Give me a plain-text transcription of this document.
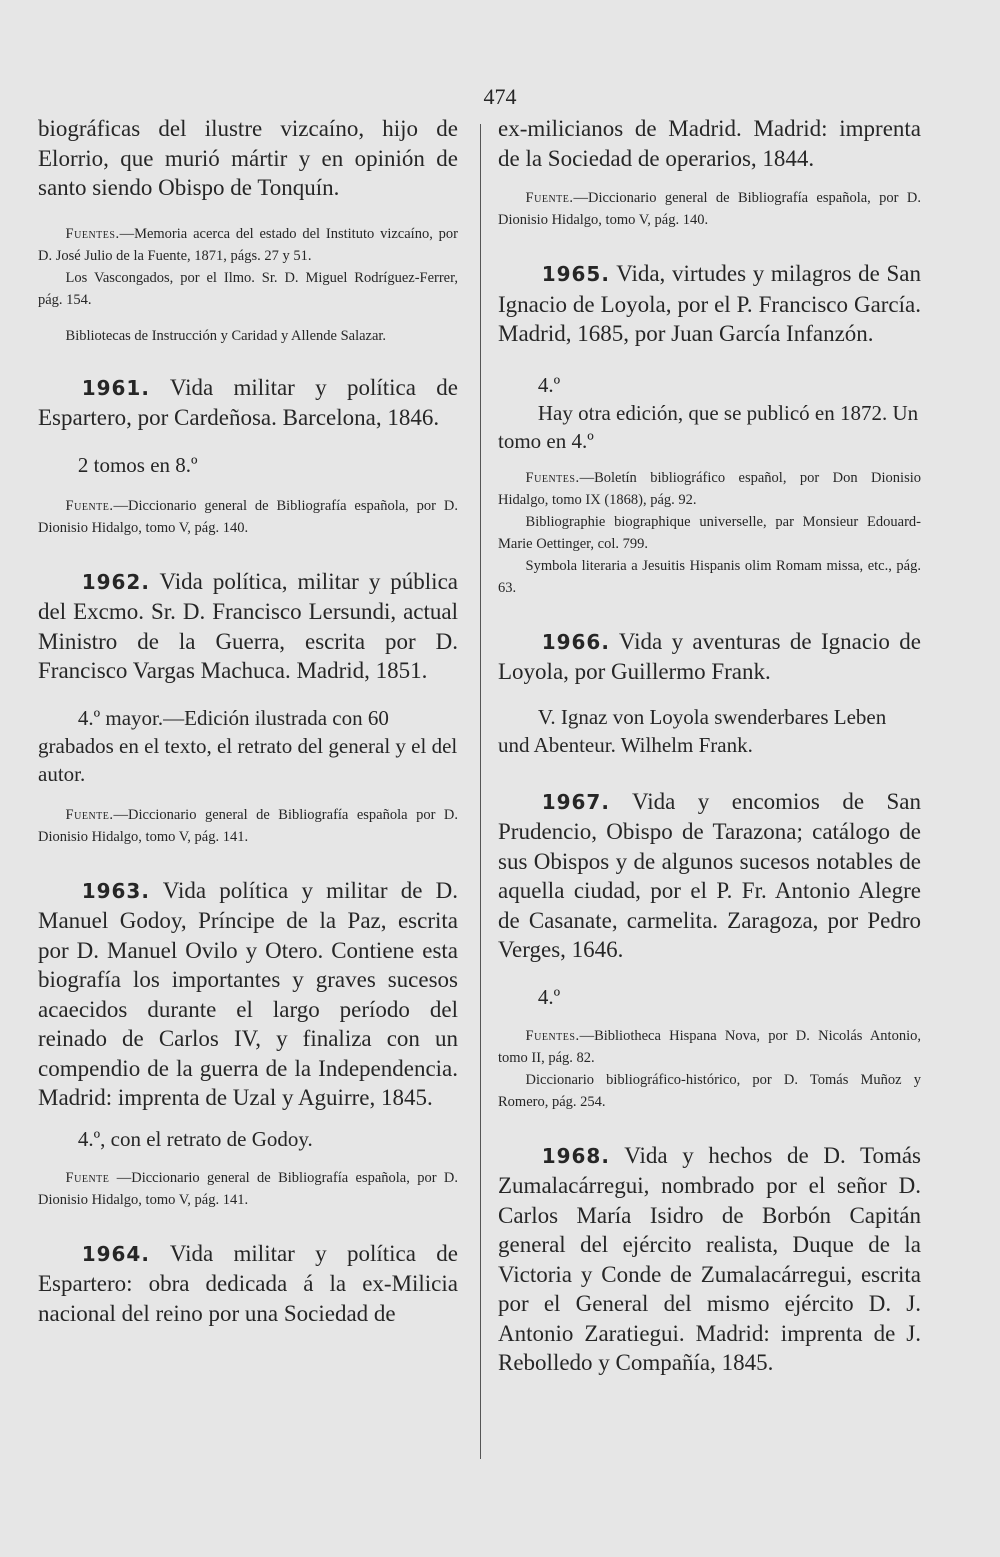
474

biográficas del ilustre vizcaíno, hijo de Elorrio, que murió mártir y en opinión de santo siendo Obispo de Tonquín.

Fuentes.—Memoria acerca del estado del Instituto vizcaíno, por D. José Julio de la Fuente, 1871, págs. 27 y 51.

Los Vascongados, por el Ilmo. Sr. D. Miguel Rodríguez-Ferrer, pág. 154.

Bibliotecas de Instrucción y Caridad y Allende Salazar.

1961. Vida militar y política de Espartero, por Cardeñosa. Barcelona, 1846.

2 tomos en 8.º

Fuente.—Diccionario general de Bibliografía española, por D. Dionisio Hidalgo, tomo V, pág. 140.

1962. Vida política, militar y pública del Excmo. Sr. D. Francisco Lersundi, actual Ministro de la Guerra, escrita por D. Francisco Vargas Machuca. Madrid, 1851.

4.º mayor.—Edición ilustrada con 60 grabados en el texto, el retrato del general y el del autor.

Fuente.—Diccionario general de Bibliografía española por D. Dionisio Hidalgo, tomo V, pág. 141.

1963. Vida política y militar de D. Manuel Godoy, Príncipe de la Paz, escrita por D. Manuel Ovilo y Otero. Contiene esta biografía los importantes y graves sucesos acaecidos durante el largo período del reinado de Carlos IV, y finaliza con un compendio de la guerra de la Independencia. Madrid: imprenta de Uzal y Aguirre, 1845.

4.º, con el retrato de Godoy.

Fuente —Diccionario general de Bibliografía española, por D. Dionisio Hidalgo, tomo V, pág. 141.

1964. Vida militar y política de Espartero: obra dedicada á la ex-Milicia nacional del reino por una Sociedad de

ex-milicianos de Madrid. Madrid: imprenta de la Sociedad de operarios, 1844.

Fuente.—Diccionario general de Bibliografía española, por D. Dionisio Hidalgo, tomo V, pág. 140.

1965. Vida, virtudes y milagros de San Ignacio de Loyola, por el P. Francisco García. Madrid, 1685, por Juan García Infanzón.

4.º

Hay otra edición, que se publicó en 1872. Un tomo en 4.º

Fuentes.—Boletín bibliográfico español, por Don Dionisio Hidalgo, tomo IX (1868), pág. 92.

Bibliographie biographique universelle, par Monsieur Edouard-Marie Oettinger, col. 799.

Symbola literaria a Jesuitis Hispanis olim Romam missa, etc., pág. 63.

1966. Vida y aventuras de Ignacio de Loyola, por Guillermo Frank.

V. Ignaz von Loyola swenderbares Leben und Abenteur. Wilhelm Frank.

1967. Vida y encomios de San Prudencio, Obispo de Tarazona; catálogo de sus Obispos y de algunos sucesos notables de aquella ciudad, por el P. Fr. Antonio Alegre de Casanate, carmelita. Zaragoza, por Pedro Verges, 1646.

4.º

Fuentes.—Bibliotheca Hispana Nova, por D. Nicolás Antonio, tomo II, pág. 82.

Diccionario bibliográfico-histórico, por D. Tomás Muñoz y Romero, pág. 254.

1968. Vida y hechos de D. Tomás Zumalacárregui, nombrado por el señor D. Carlos María Isidro de Borbón Capitán general del ejército realista, Duque de la Victoria y Conde de Zumalacárregui, escrita por el General del mismo ejército D. J. Antonio Zaratiegui. Madrid: imprenta de J. Rebolledo y Compañía, 1845.
